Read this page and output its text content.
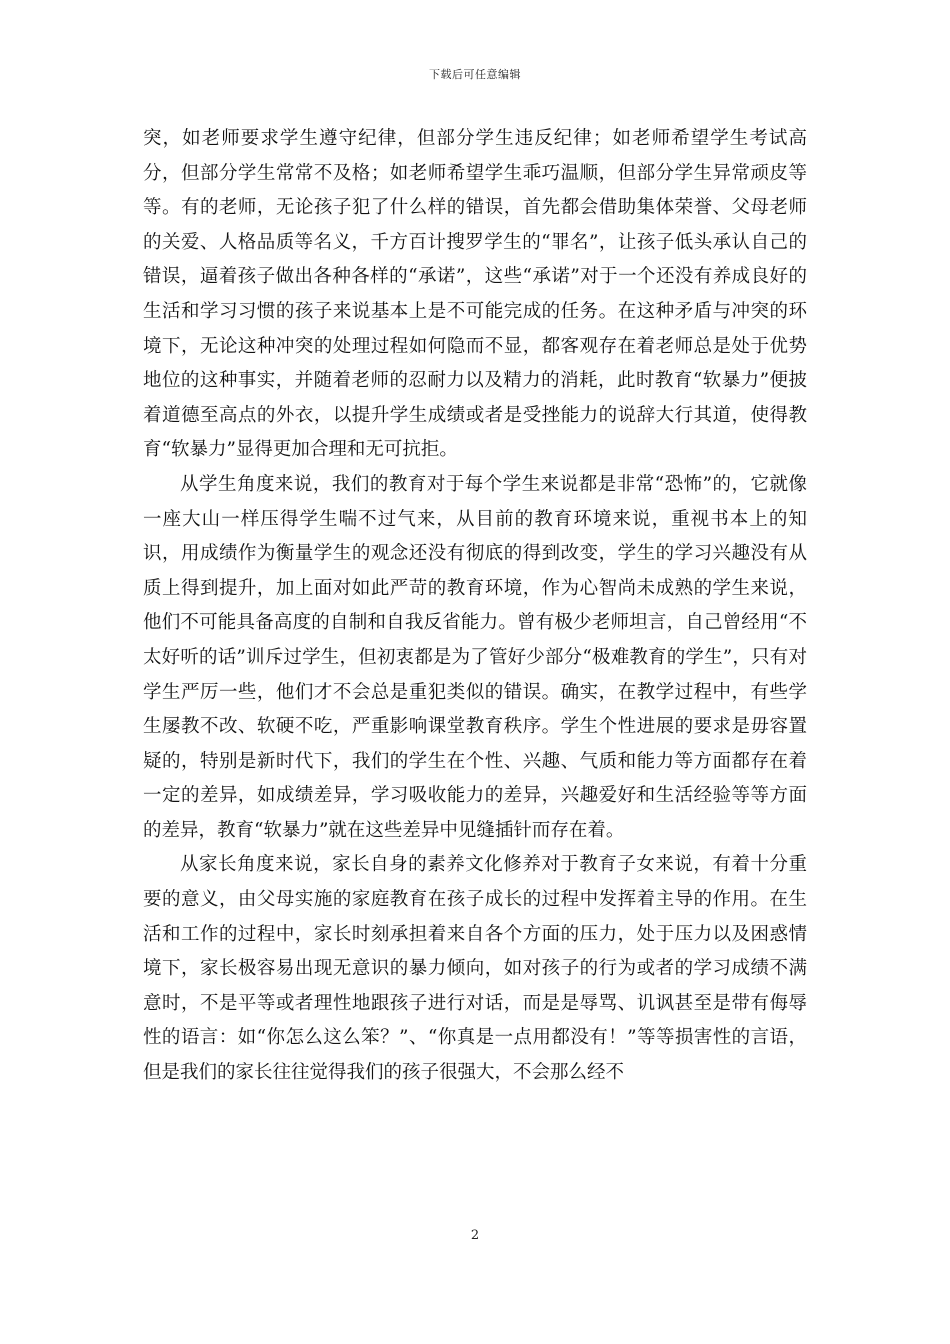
下载后可任意编辑

突，如老师要求学生遵守纪律，但部分学生违反纪律；如老师希望学生考试高分，但部分学生常常不及格；如老师希望学生乖巧温顺，但部分学生异常顽皮等等。有的老师，无论孩子犯了什么样的错误，首先都会借助集体荣誉、父母老师的关爱、人格品质等名义，千方百计搜罗学生的“罪名”，让孩子低头承认自己的错误，逼着孩子做出各种各样的“承诺”，这些“承诺”对于一个还没有养成良好的生活和学习习惯的孩子来说基本上是不可能完成的任务。在这种矛盾与冲突的环境下，无论这种冲突的处理过程如何隐而不显，都客观存在着老师总是处于优势地位的这种事实，并随着老师的忍耐力以及精力的消耗，此时教育“软暴力”便披着道德至高点的外衣，以提升学生成绩或者是受挫能力的说辞大行其道，使得教育“软暴力”显得更加合理和无可抗拒。

从学生角度来说，我们的教育对于每个学生来说都是非常“恐怖”的，它就像一座大山一样压得学生喘不过气来，从目前的教育环境来说，重视书本上的知识，用成绩作为衡量学生的观念还没有彻底的得到改变，学生的学习兴趣没有从质上得到提升，加上面对如此严苛的教育环境，作为心智尚未成熟的学生来说，他们不可能具备高度的自制和自我反省能力。曾有极少老师坦言，自己曾经用“不太好听的话”训斥过学生，但初衷都是为了管好少部分“极难教育的学生”，只有对学生严厉一些，他们才不会总是重犯类似的错误。确实，在教学过程中，有些学生屡教不改、软硬不吃，严重影响课堂教育秩序。学生个性进展的要求是毋容置疑的，特别是新时代下，我们的学生在个性、兴趣、气质和能力等方面都存在着一定的差异，如成绩差异，学习吸收能力的差异，兴趣爱好和生活经验等等方面的差异，教育“软暴力”就在这些差异中见缝插针而存在着。

从家长角度来说，家长自身的素养文化修养对于教育子女来说，有着十分重要的意义，由父母实施的家庭教育在孩子成长的过程中发挥着主导的作用。在生活和工作的过程中，家长时刻承担着来自各个方面的压力，处于压力以及困惑情境下，家长极容易出现无意识的暴力倾向，如对孩子的行为或者的学习成绩不满意时，不是平等或者理性地跟孩子进行对话，而是是辱骂、讥讽甚至是带有侮辱性的语言：如“你怎么这么笨？”、“你真是一点用都没有！”等等损害性的言语，但是我们的家长往往觉得我们的孩子很强大，不会那么经不

2
